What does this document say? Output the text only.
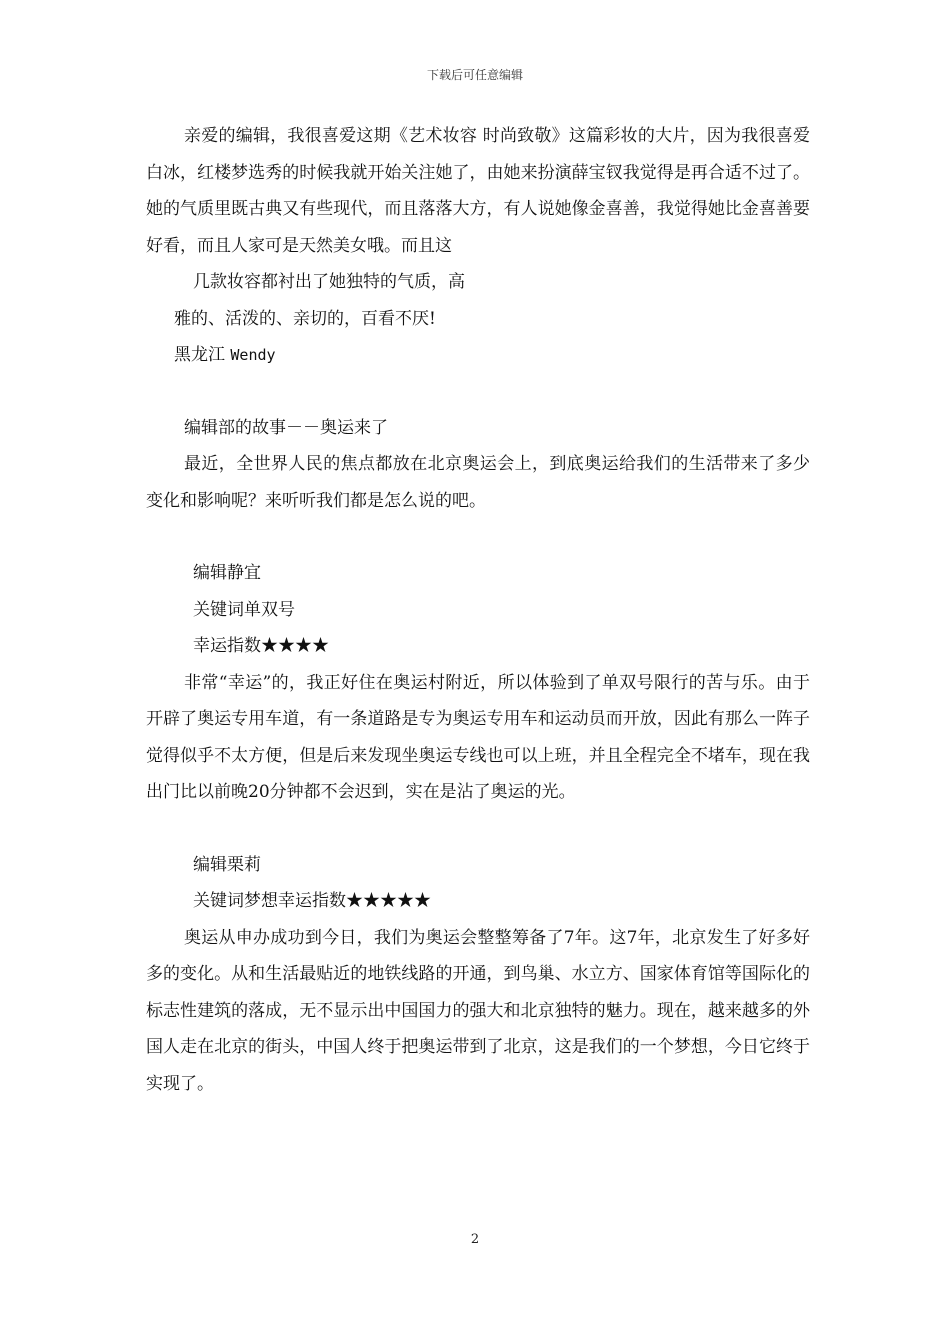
下载后可任意编辑

亲爱的编辑，我很喜爱这期《艺术妆容 时尚致敬》这篇彩妆的大片，因为我很喜爱白冰，红楼梦选秀的时候我就开始关注她了，由她来扮演薛宝钗我觉得是再合适不过了。她的气质里既古典又有些现代，而且落落大方，有人说她像金喜善，我觉得她比金喜善要好看，而且人家可是天然美女哦。而且这

几款妆容都衬出了她独特的气质，高

雅的、活泼的、亲切的，百看不厌!

黑龙江 Wendy

编辑部的故事－－奥运来了

最近，全世界人民的焦点都放在北京奥运会上，到底奥运给我们的生活带来了多少变化和影响呢？来听听我们都是怎么说的吧。

编辑静宜

关键词单双号

幸运指数★★★★

非常“幸运”的，我正好住在奥运村附近，所以体验到了单双号限行的苦与乐。由于开辟了奥运专用车道，有一条道路是专为奥运专用车和运动员而开放，因此有那么一阵子觉得似乎不太方便，但是后来发现坐奥运专线也可以上班，并且全程完全不堵车，现在我出门比以前晚20分钟都不会迟到，实在是沾了奥运的光。

编辑栗莉

关键词梦想幸运指数★★★★★

奥运从申办成功到今日，我们为奥运会整整筹备了7年。这7年，北京发生了好多好多的变化。从和生活最贴近的地铁线路的开通，到鸟巢、水立方、国家体育馆等国际化的标志性建筑的落成，无不显示出中国国力的强大和北京独特的魅力。现在，越来越多的外国人走在北京的街头，中国人终于把奥运带到了北京，这是我们的一个梦想，今日它终于实现了。

2
